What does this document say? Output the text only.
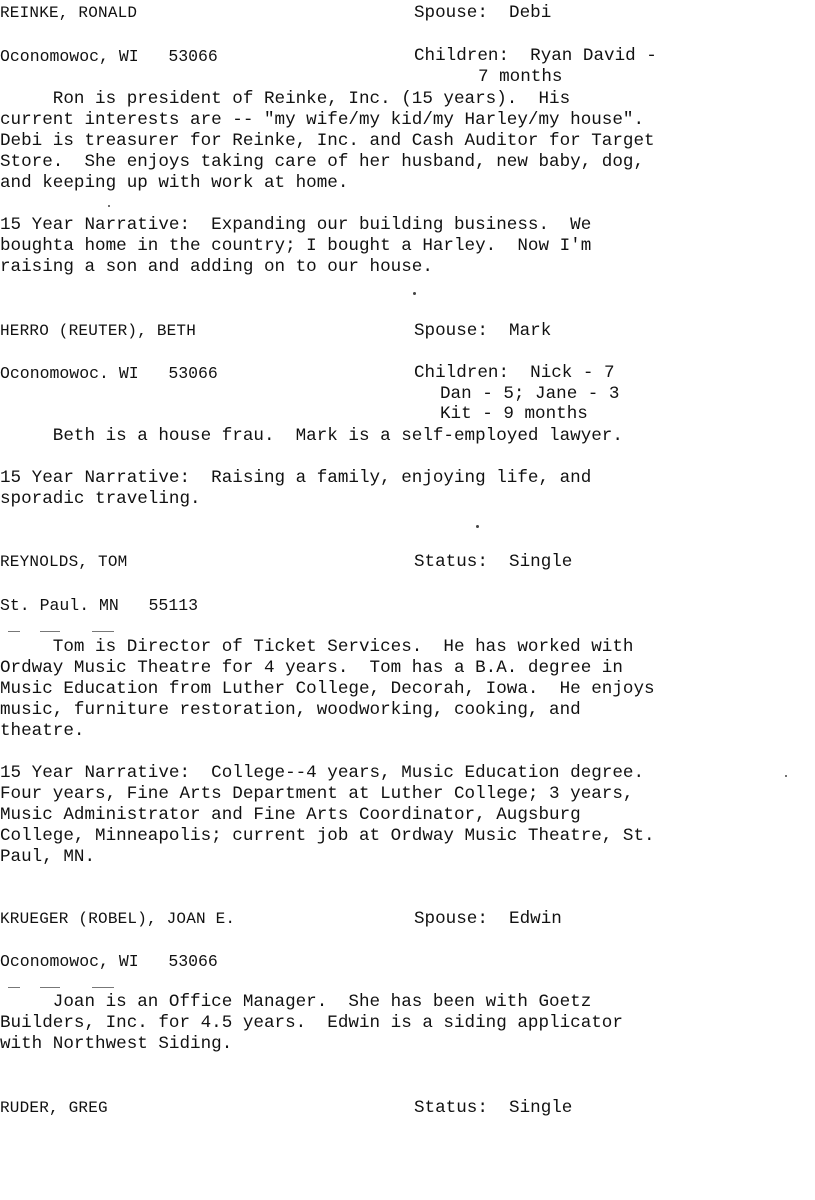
REINKE, RONALD	Spouse:  Debi
Oconomowoc, WI   53066	Children:  Ryan David -
7 months
Ron is president of Reinke, Inc. (15 years).  His
current interests are -- "my wife/my kid/my Harley/my house".
Debi is treasurer for Reinke, Inc. and Cash Auditor for Target
Store.  She enjoys taking care of her husband, new baby, dog,
and keeping up with work at home.
15 Year Narrative:  Expanding our building business.  We
boughta home in the country; I bought a Harley.  Now I'm
raising a son and adding on to our house.
HERRO (REUTER), BETH	Spouse:  Mark
Oconomowoc. WI   53066	Children:  Nick - 7
Dan - 5; Jane - 3
Kit - 9 months
Beth is a house frau.  Mark is a self-employed lawyer.
15 Year Narrative:  Raising a family, enjoying life, and
sporadic traveling.
REYNOLDS, TOM	Status:  Single
St. Paul. MN   55113
Tom is Director of Ticket Services.  He has worked with
Ordway Music Theatre for 4 years.  Tom has a B.A. degree in
Music Education from Luther College, Decorah, Iowa.  He enjoys
music, furniture restoration, woodworking, cooking, and
theatre.
15 Year Narrative:  College--4 years, Music Education degree.
Four years, Fine Arts Department at Luther College; 3 years,
Music Administrator and Fine Arts Coordinator, Augsburg
College, Minneapolis; current job at Ordway Music Theatre, St.
Paul, MN.
KRUEGER (ROBEL), JOAN E.	Spouse:  Edwin
Oconomowoc, WI   53066
Joan is an Office Manager.  She has been with Goetz
Builders, Inc. for 4.5 years.  Edwin is a siding applicator
with Northwest Siding.
RUDER, GREG	Status:  Single
